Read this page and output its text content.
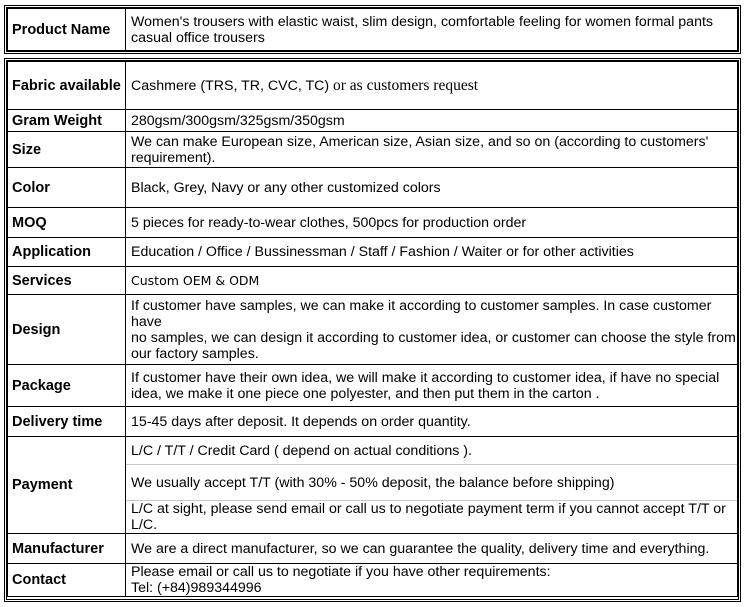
Product Name	Women's trousers with elastic waist, slim design, comfortable feeling for women formal pants casual office trousers
Fabric available	Cashmere (TRS, TR, CVC, TC) or as customers request
Gram Weight	280gsm/300gsm/325gsm/350gsm
Size	We can make European size, American size, Asian size, and so on (according to customers' requirement).
Color	Black, Grey, Navy or any other customized colors
MOQ	5 pieces for ready-to-wear clothes, 500pcs for production order
Application	Education / Office / Bussinessman / Staff / Fashion / Waiter or for other activities
Services	Custom OEM & ODM
Design	If customer have samples, we can make it according to customer samples. In case customer have
no samples, we can design it according to customer idea, or customer can choose the style from our factory samples.

Package	If customer have their own idea, we will make it according to customer idea, if have no special idea, we make it one piece one polyester, and then put them in the carton .
Delivery time	15-45 days after deposit. It depends on order quantity.
Payment	L/C / T/T / Credit Card ( depend on actual conditions ).
	We usually accept T/T (with 30% - 50% deposit, the balance before shipping)
	L/C at sight, please send email or call us to negotiate payment term if you cannot accept T/T or L/C.
Manufacturer	We are a direct manufacturer, so we can guarantee the quality, delivery time and everything.
Contact	Please email or call us to negotiate if you have other requirements:
Tel: (+84)989344996
